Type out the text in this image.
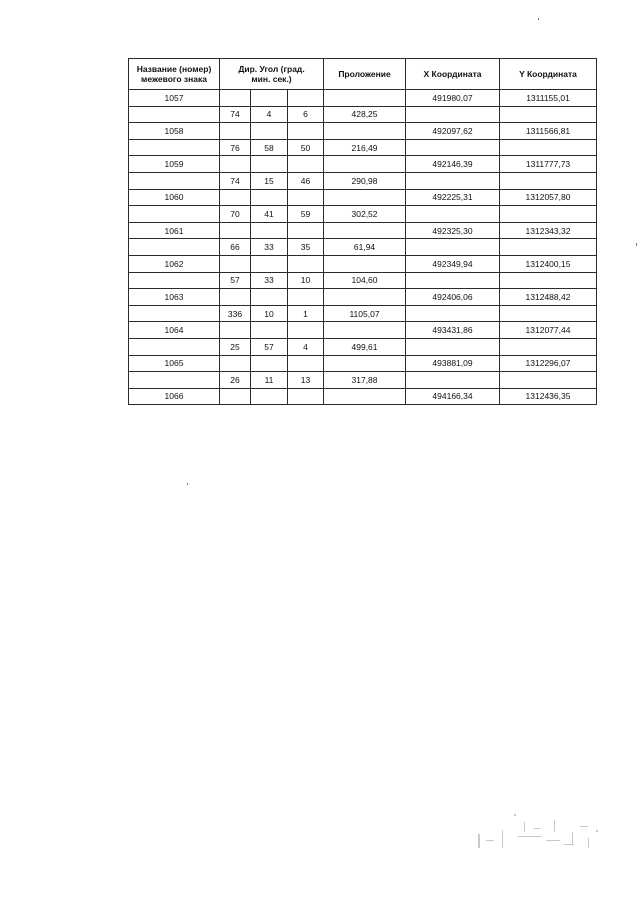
Название (номер) межевого знака	Дир. Угол (град. мин. сек.)			Проложение	X Координата	Y Координата
1057					491980,07	1311155,01
	74	4	6	428,25		
1058					492097,62	1311566,81
	76	58	50	216,49		
1059					492146,39	1311777,73
	74	15	46	290,98		
1060					492225,31	1312057,80
	70	41	59	302,52		
1061					492325,30	1312343,32
	66	33	35	61,94		
1062					492349,94	1312400,15
	57	33	10	104,60		
1063					492406,06	1312488,42
	336	10	1	1105,07		
1064					493431,86	1312077,44
	25	57	4	499,61		
1065					493881,09	1312296,07
	26	11	13	317,88		
1066					494166,34	1312436,35
